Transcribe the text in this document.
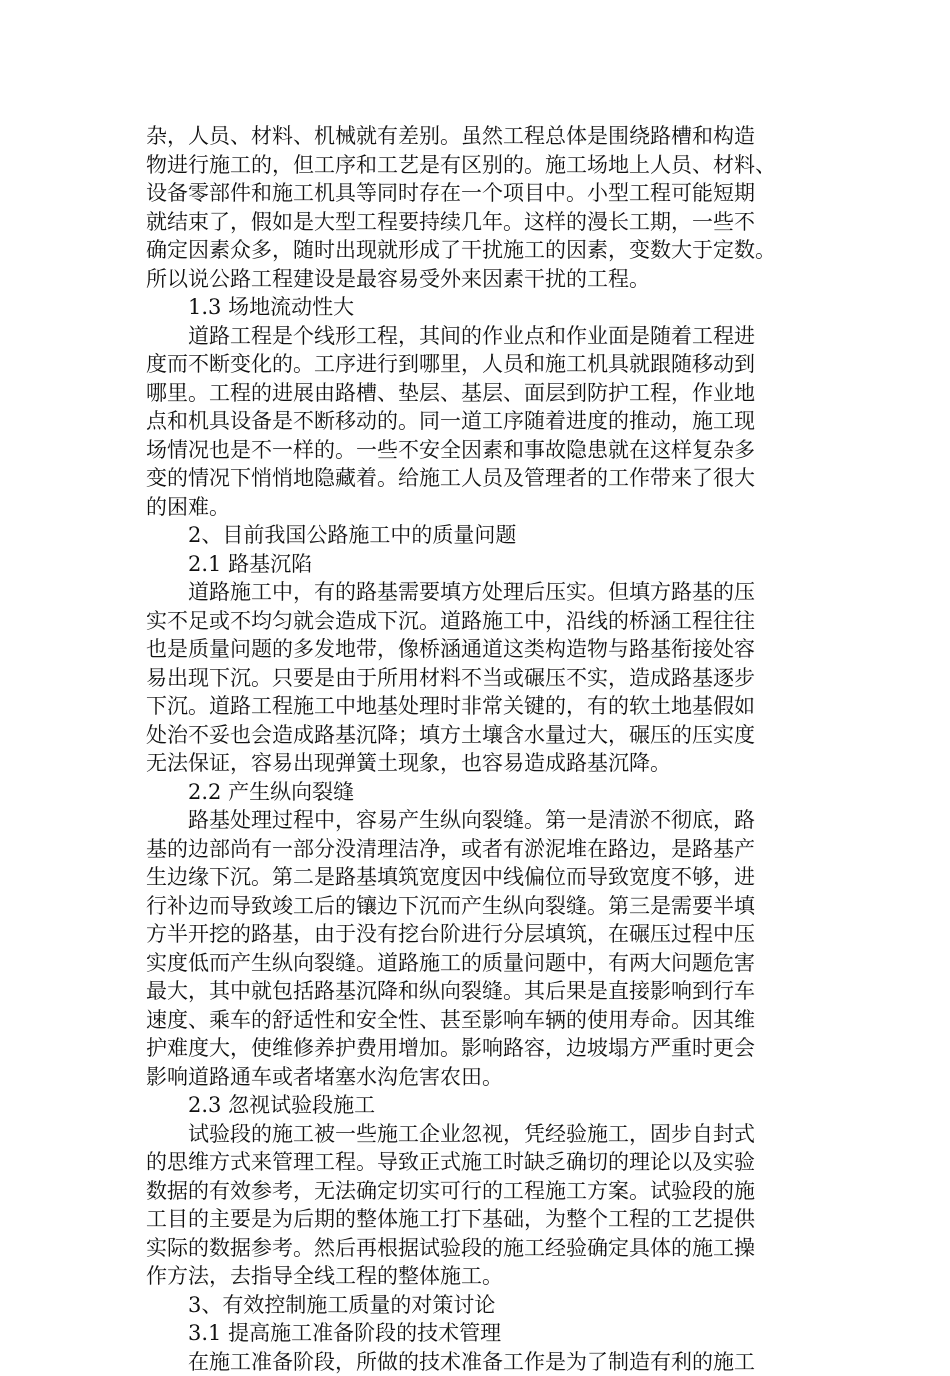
杂，人员、材料、机械就有差别。虽然工程总体是围绕路槽和构造
物进行施工的，但工序和工艺是有区别的。施工场地上人员、材料、
设备零部件和施工机具等同时存在一个项目中。小型工程可能短期
就结束了，假如是大型工程要持续几年。这样的漫长工期，一些不
确定因素众多，随时出现就形成了干扰施工的因素，变数大于定数。
所以说公路工程建设是最容易受外来因素干扰的工程。
1.3 场地流动性大
道路工程是个线形工程，其间的作业点和作业面是随着工程进
度而不断变化的。工序进行到哪里，人员和施工机具就跟随移动到
哪里。工程的进展由路槽、垫层、基层、面层到防护工程，作业地
点和机具设备是不断移动的。同一道工序随着进度的推动，施工现
场情况也是不一样的。一些不安全因素和事故隐患就在这样复杂多
变的情况下悄悄地隐藏着。给施工人员及管理者的工作带来了很大
的困难。
2、目前我国公路施工中的质量问题
2.1 路基沉陷
道路施工中，有的路基需要填方处理后压实。但填方路基的压
实不足或不均匀就会造成下沉。道路施工中，沿线的桥涵工程往往
也是质量问题的多发地带，像桥涵通道这类构造物与路基衔接处容
易出现下沉。只要是由于所用材料不当或碾压不实，造成路基逐步
下沉。道路工程施工中地基处理时非常关键的，有的软土地基假如
处治不妥也会造成路基沉降；填方土壤含水量过大，碾压的压实度
无法保证，容易出现弹簧土现象，也容易造成路基沉降。
2.2 产生纵向裂缝
路基处理过程中，容易产生纵向裂缝。第一是清淤不彻底，路
基的边部尚有一部分没清理洁净，或者有淤泥堆在路边，是路基产
生边缘下沉。第二是路基填筑宽度因中线偏位而导致宽度不够，进
行补边而导致竣工后的镶边下沉而产生纵向裂缝。第三是需要半填
方半开挖的路基，由于没有挖台阶进行分层填筑，在碾压过程中压
实度低而产生纵向裂缝。道路施工的质量问题中，有两大问题危害
最大，其中就包括路基沉降和纵向裂缝。其后果是直接影响到行车
速度、乘车的舒适性和安全性、甚至影响车辆的使用寿命。因其维
护难度大，使维修养护费用增加。影响路容，边坡塌方严重时更会
影响道路通车或者堵塞水沟危害农田。
2.3 忽视试验段施工
试验段的施工被一些施工企业忽视，凭经验施工，固步自封式
的思维方式来管理工程。导致正式施工时缺乏确切的理论以及实验
数据的有效参考，无法确定切实可行的工程施工方案。试验段的施
工目的主要是为后期的整体施工打下基础，为整个工程的工艺提供
实际的数据参考。然后再根据试验段的施工经验确定具体的施工操
作方法，去指导全线工程的整体施工。
3、有效控制施工质量的对策讨论
3.1 提高施工准备阶段的技术管理
在施工准备阶段，所做的技术准备工作是为了制造有利的施工
